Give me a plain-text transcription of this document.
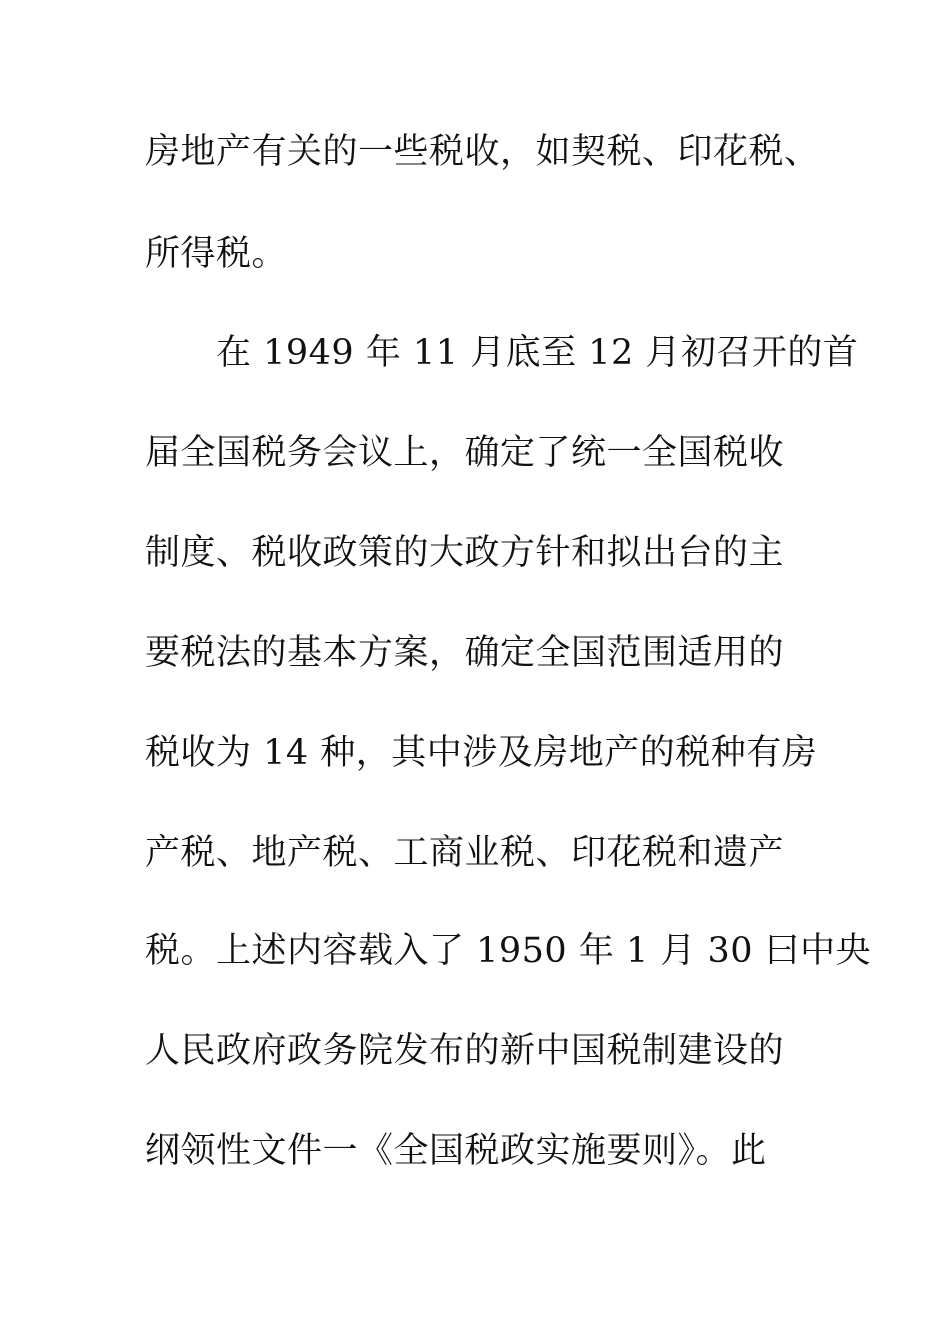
房地产有关的一些税收，如契税、印花税、
所得税。
　　在 1949 年 11 月底至 12 月初召开的首
届全国税务会议上，确定了统一全国税收
制度、税收政策的大政方针和拟出台的主
要税法的基本方案，确定全国范围适用的
税收为 14 种，其中涉及房地产的税种有房
产税、地产税、工商业税、印花税和遗产
税。上述内容载入了 1950 年 1 月 30 曰中央
人民政府政务院发布的新中国税制建设的
纲领性文件一《全国税政实施要则》。此
